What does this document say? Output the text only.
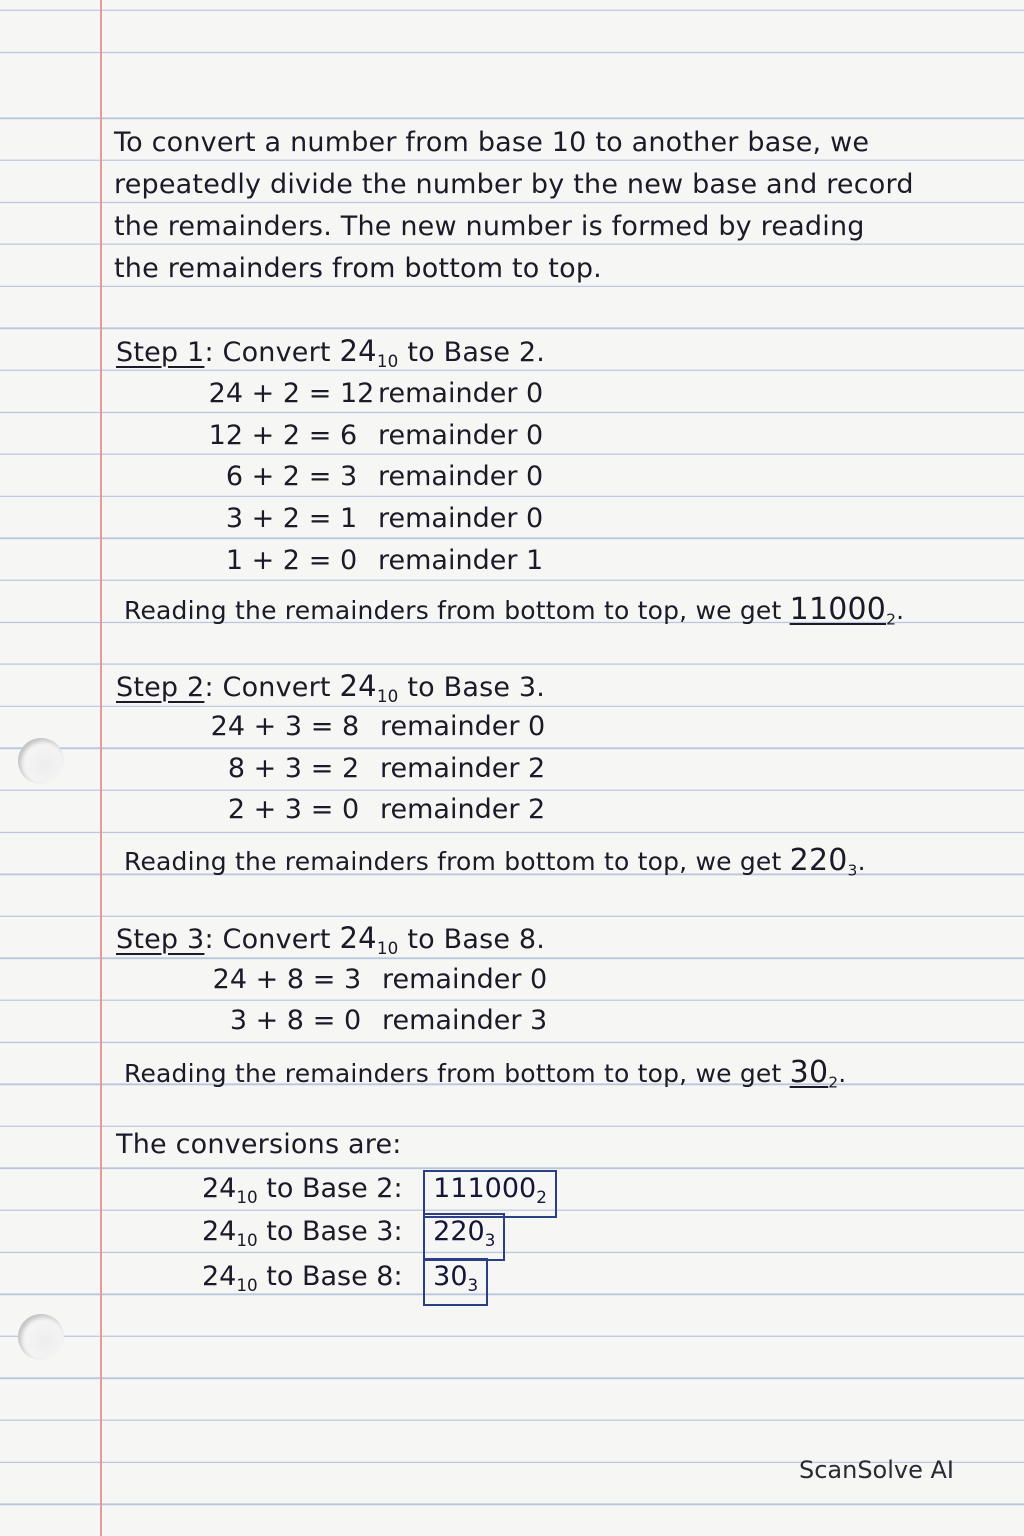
To convert a number from base 10 to another base, we
repeatedly divide the number by the new base and record
the remainders. The new number is formed by reading
the remainders from bottom to top.
Step 1: Convert $24_{10}$ to Base 2.
24 + 2 = 12 remainder 0
12 + 2 = 6 remainder 0
6 + 2 = 3 remainder 0
3 + 2 = 1 remainder 0
1 + 2 = 0 remainder 1
Reading the remainders from bottom to top, we get $11000_2$.
Step 2: Convert $24_{10}$ to Base 3.
24 + 3 = 8 remainder 0
8 + 3 = 2 remainder 2
2 + 3 = 0 remainder 2
Reading the remainders from bottom to top, we get $220_3$.
Step 3: Convert $24_{10}$ to Base 8.
24 + 8 = 3 remainder 0
3 + 8 = 0 remainder 3
Reading the remainders from bottom to top, we get $30_2$.
The conversions are:
$24_{10}$ to Base 2: $111000_2$
$24_{10}$ to Base 3: $220_3$
$24_{10}$ to Base 8: $30_3$
ScanSolve AI
